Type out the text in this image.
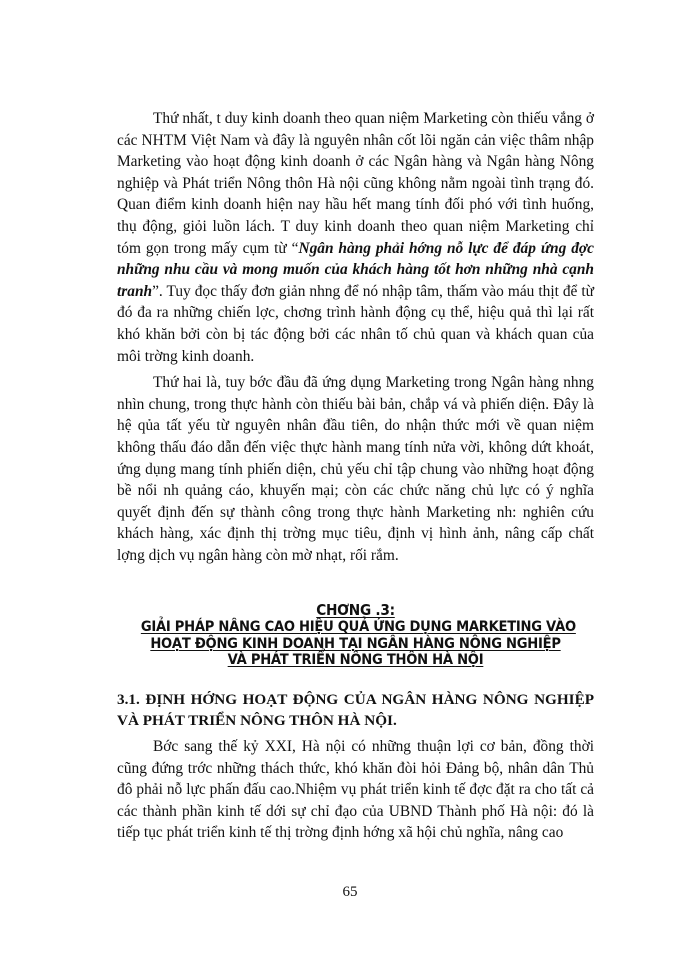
Thứ nhất, t duy kinh doanh theo quan niệm Marketing còn thiếu vắng ở các NHTM Việt Nam và đây là nguyên nhân cốt lõi ngăn cản việc thâm nhập Marketing vào hoạt động kinh doanh ở các Ngân hàng và Ngân hàng Nông nghiệp và Phát triển Nông thôn Hà nội cũng không nằm ngoài tình trạng đó. Quan điểm kinh doanh hiện nay hầu hết mang tính đối phó với tình huống, thụ động, giỏi luồn lách. T duy kinh doanh theo quan niệm Marketing chỉ tóm gọn trong mấy cụm từ “Ngân hàng phải hớng nỗ lực để đáp ứng đợc những nhu cầu và mong muốn của khách hàng tốt hơn những nhà cạnh tranh”. Tuy đọc thấy đơn giản nhng để nó nhập tâm, thấm vào máu thịt để từ đó đa ra những chiến lợc, chơng trình hành động cụ thể, hiệu quả thì lại rất khó khăn bởi còn bị tác động bởi các nhân tố chủ quan và khách quan của môi trờng kinh doanh.

Thứ hai là, tuy bớc đầu đã ứng dụng Marketing trong Ngân hàng nhng nhìn chung, trong thực hành còn thiếu bài bản, chắp vá và phiến diện. Đây là hệ qủa tất yếu từ nguyên nhân đầu tiên, do nhận thức mới về quan niệm không thấu đáo dẫn đến việc thực hành mang tính nửa vời, không dứt khoát, ứng dụng mang tính phiến diện, chủ yếu chỉ tập chung vào những hoạt động bề nổi nh quảng cáo, khuyến mại; còn các chức năng chủ lực có ý nghĩa quyết định đến sự thành công trong thực hành Marketing nh: nghiên cứu khách hàng, xác định thị trờng mục tiêu, định vị hình ảnh, nâng cấp chất lợng dịch vụ ngân hàng còn mờ nhạt, rối rắm.

CHƠNG .3:
GIẢI PHÁP NÂNG CAO HIỆU QUẢ ỨNG DỤNG MARKETING VÀO
HOẠT ĐỘNG KINH DOANH TẠI NGÂN HÀNG NÔNG NGHIỆP
VÀ PHÁT TRIỂN NÔNG THÔN HÀ NỘI
3.1. ĐỊNH HỚNG HOẠT ĐỘNG CỦA NGÂN HÀNG NÔNG NGHIỆP VÀ PHÁT TRIỂN NÔNG THÔN HÀ NỘI.

Bớc sang thế kỷ XXI, Hà nội có những thuận lợi cơ bản, đồng thời cũng đứng trớc những thách thức, khó khăn đòi hỏi Đảng bộ, nhân dân Thủ đô phải nỗ lực phấn đấu cao.Nhiệm vụ phát triển kinh tế đợc đặt ra cho tất cả các thành phần kinh tế dới sự chỉ đạo của UBND Thành phố Hà nội: đó là tiếp tục phát triển kinh tế thị trờng định hớng xã hội chủ nghĩa, nâng cao

65
